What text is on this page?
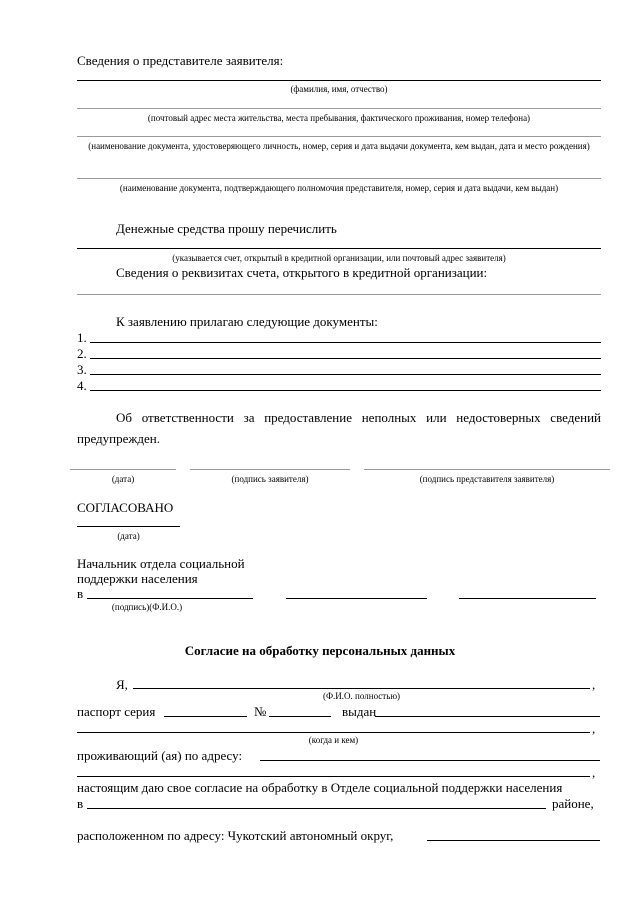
Сведения о представителе заявителя:
(фамилия, имя, отчество)
(почтовый адрес места жительства, места пребывания, фактического проживания, номер телефона)
(наименование документа, удостоверяющего личность, номер, серия и дата выдачи документа, кем выдан, дата и место рождения)
(наименование документа, подтверждающего полномочия представителя, номер, серия и дата выдачи, кем выдан)
Денежные средства прошу перечислить
(указывается счет, открытый в кредитной организации, или почтовый адрес заявителя)
Сведения о реквизитах счета, открытого в кредитной организации:
К заявлению прилагаю следующие документы:
1.
2.
3.
4.
Об ответственности за предоставление неполных или недостоверных сведений предупрежден.
(дата)	(подпись заявителя)	(подпись представителя заявителя)
СОГЛАСОВАНО
(дата)
Начальник отдела социальной
поддержки населения
в
(подпись)(Ф.И.О.)
Согласие на обработку персональных данных
Я,	,
(Ф.И.О. полностью)
паспорт серия	№	выдан
,
(когда и кем)
проживающий (ая) по адресу:
,
настоящим даю свое согласие на обработку в Отделе социальной поддержки населения
в	районе,
расположенном по адресу: Чукотский автономный округ,
